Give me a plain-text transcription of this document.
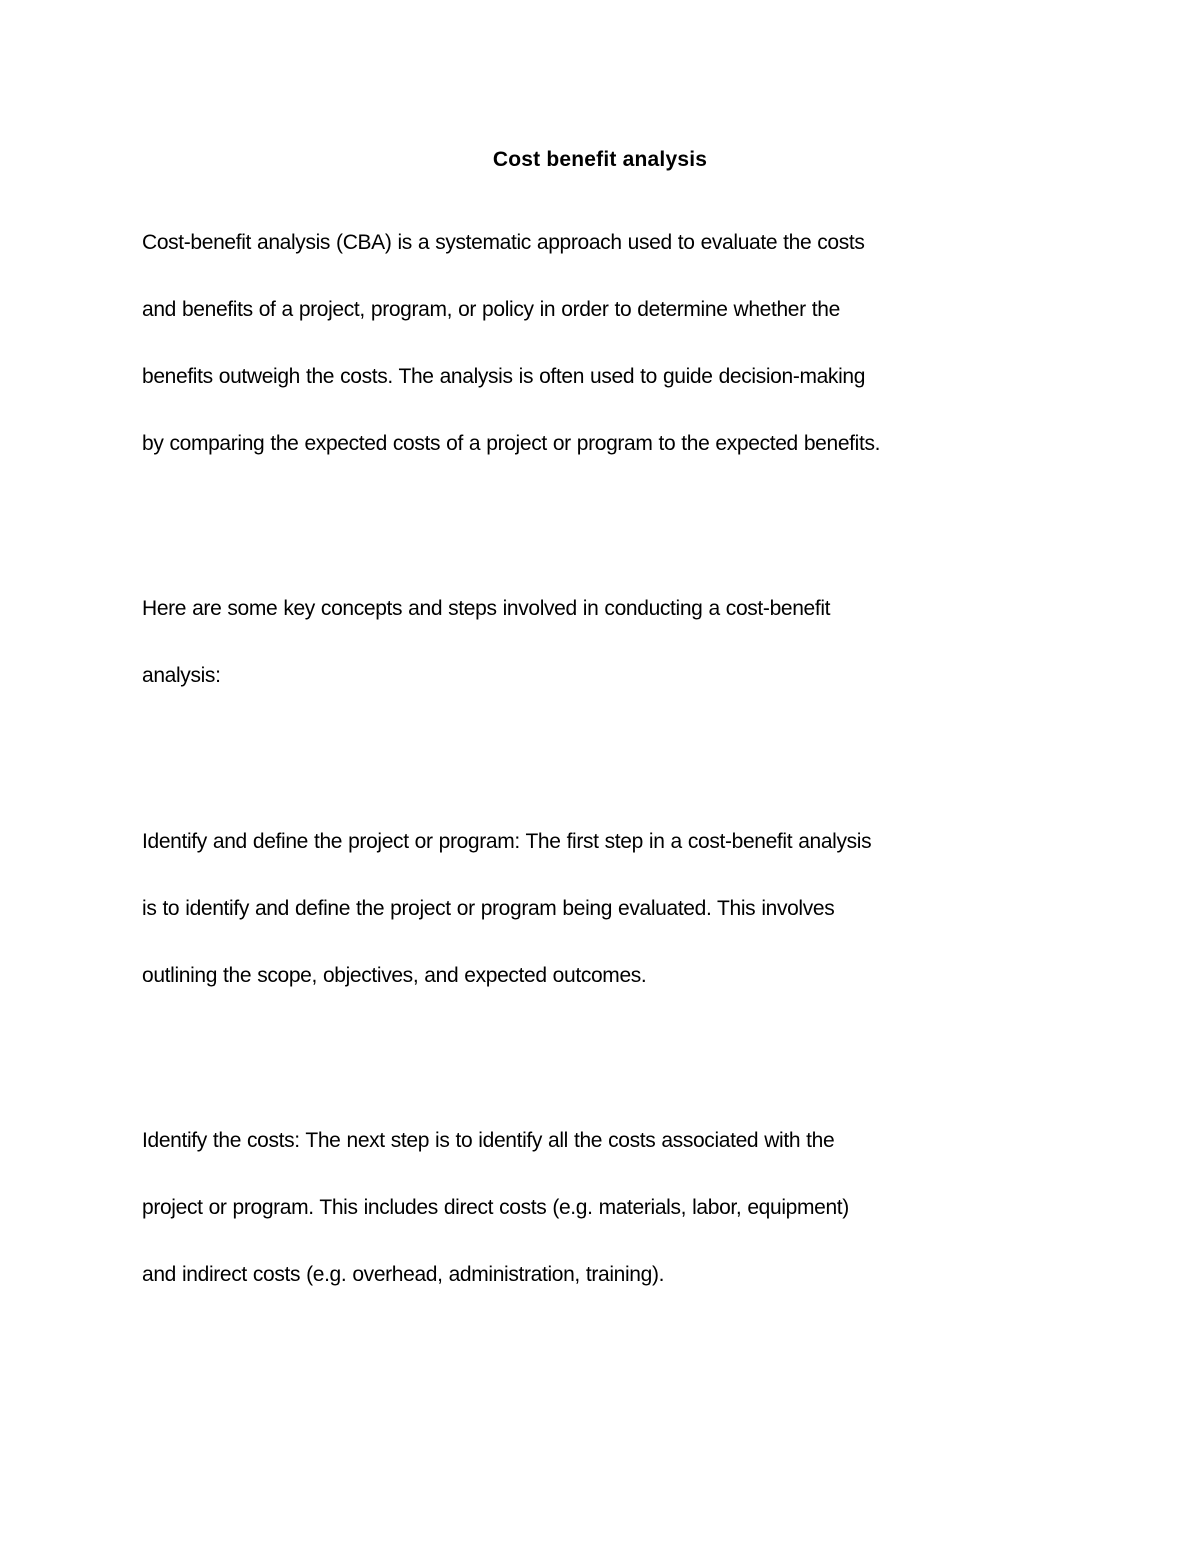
Cost benefit analysis
Cost-benefit analysis (CBA) is a systematic approach used to evaluate the costs
and benefits of a project, program, or policy in order to determine whether the
benefits outweigh the costs. The analysis is often used to guide decision-making
by comparing the expected costs of a project or program to the expected benefits.
Here are some key concepts and steps involved in conducting a cost-benefit
analysis:
Identify and define the project or program: The first step in a cost-benefit analysis
is to identify and define the project or program being evaluated. This involves
outlining the scope, objectives, and expected outcomes.
Identify the costs: The next step is to identify all the costs associated with the
project or program. This includes direct costs (e.g. materials, labor, equipment)
and indirect costs (e.g. overhead, administration, training).
